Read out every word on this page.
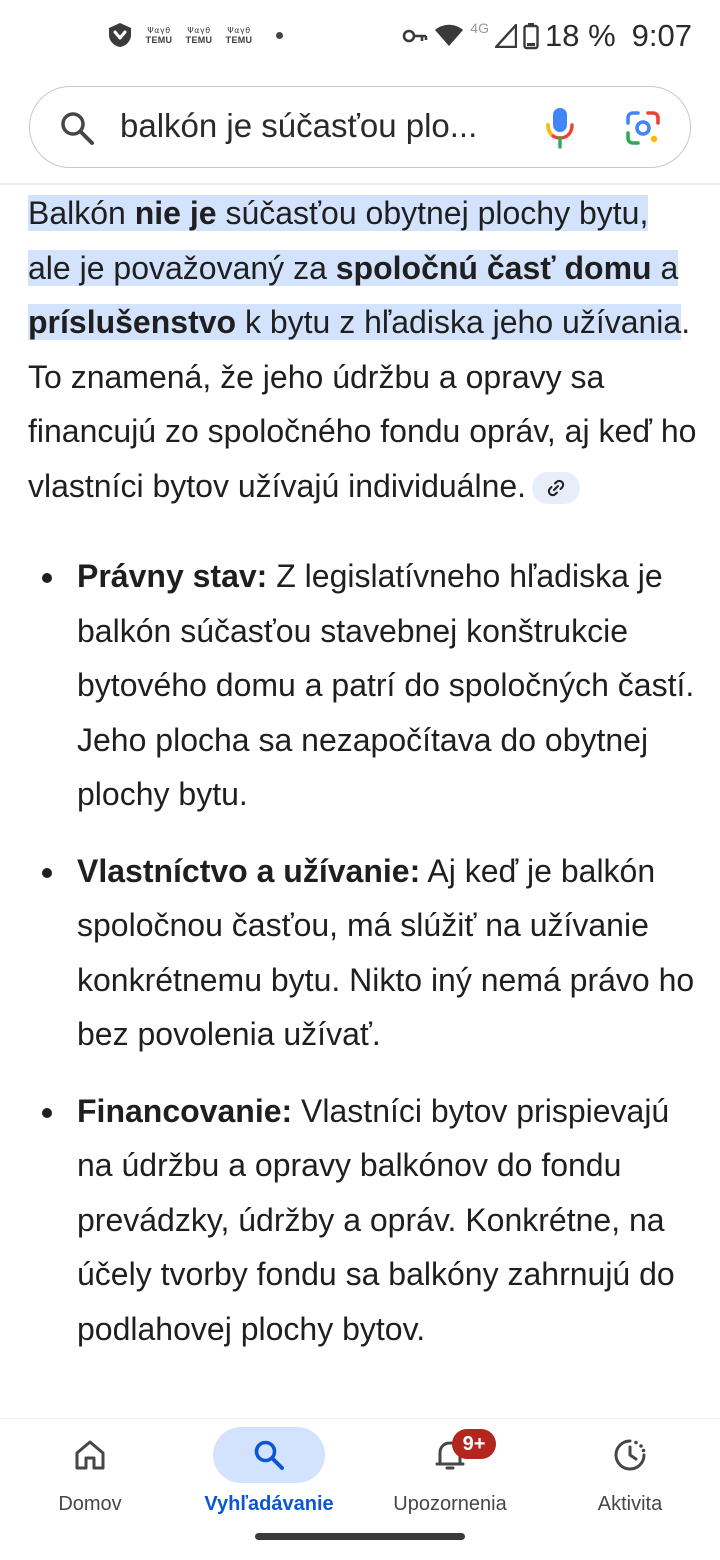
Ψαγθ
TEMU
Ψαγθ
TEMU
Ψαγθ
TEMU
4G 18 % 9:07
balkón je súčasťou plo...

Balkón nie je súčasťou obytnej plochy bytu, ale je považovaný za spoločnú časť domu a príslušenstvo k bytu z hľadiska jeho užívania. To znamená, že jeho údržbu a opravy sa financujú zo spoločného fondu opráv, aj keď ho vlastníci bytov užívajú individuálne.

Právny stav: Z legislatívneho hľadiska je balkón súčasťou stavebnej konštrukcie bytového domu a patrí do spoločných častí. Jeho plocha sa nezapočítava do obytnej plochy bytu.
Vlastníctvo a užívanie: Aj keď je balkón spoločnou časťou, má slúžiť na užívanie konkrétnemu bytu. Nikto iný nemá právo ho bez povolenia užívať.
Financovanie: Vlastníci bytov prispievajú na údržbu a opravy balkónov do fondu prevádzky, údržby a opráv. Konkrétne, na účely tvorby fondu sa balkóny zahrnujú do podlahovej plochy bytov.
Domov	Vyhľadávanie
9+
Upozornenia	Aktivita
